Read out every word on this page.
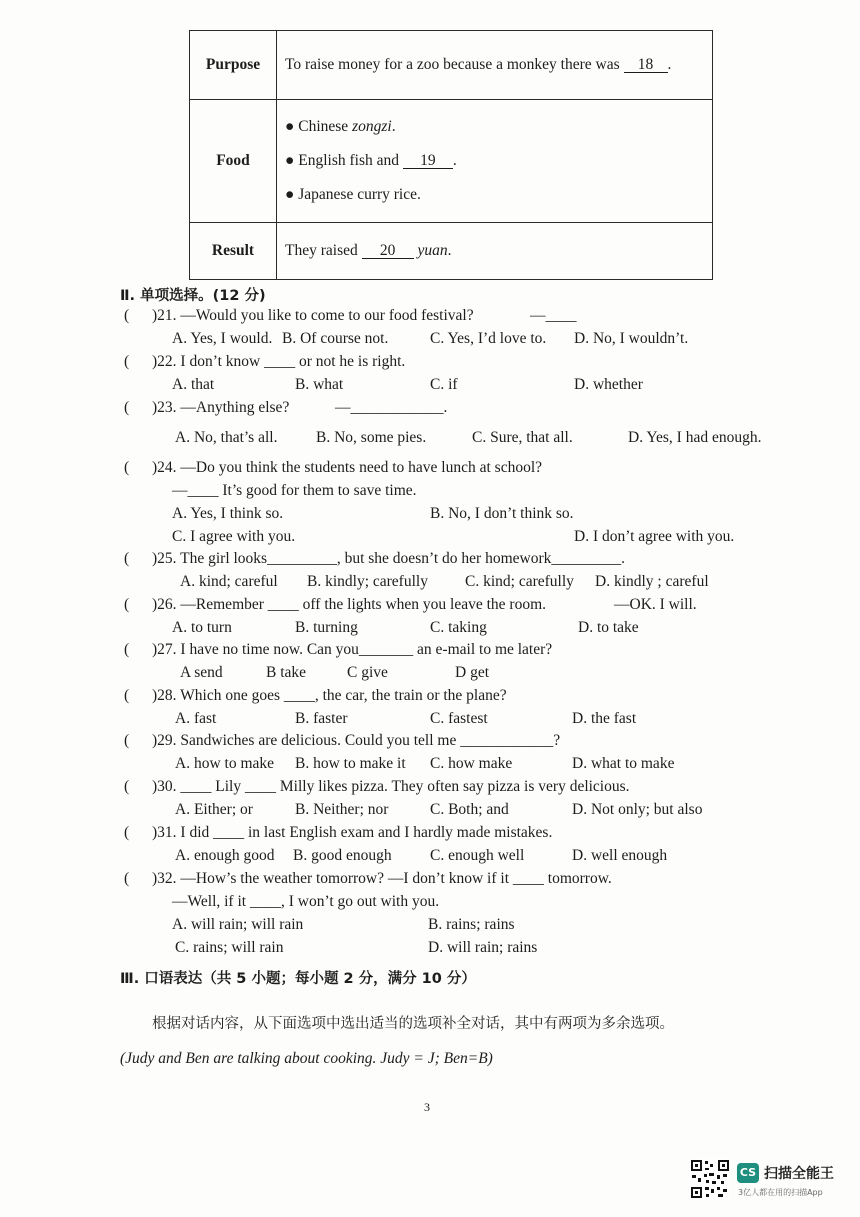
Purpose	To raise money for a zoo because a monkey there was 18 .
Food	● Chinese zongzi.
● English fish and 19 .
● Japanese curry rice.

Result	They raised 20 yuan.
Ⅱ. 单项选择。(12 分)
( )21. —Would you like to come to our food festival?	—____
A. Yes, I would. B. Of course not.	C. Yes, I’d love to. D. No, I wouldn’t.
( )22. I don’t know ____ or not he is right.
A. that	B. what	C. if	D. whether
( )23. —Anything else?	—____________.
A. No, that’s all. B. No, some pies.	C. Sure, that all.	D. Yes, I had enough.
( )24. —Do you think the students need to have lunch at school?
—____ It’s good for them to save time.
A. Yes, I think so.	B. No, I don’t think so.
C. I agree with you.	D. I don’t agree with you.
( )25. The girl looks_________, but she doesn’t do her homework_________.
A. kind; careful B. kindly; carefully C. kind; carefully D. kindly ; careful
( )26. —Remember ____ off the lights when you leave the room.	—OK. I will.
A. to turn	B. turning	C. taking	D. to take
( )27. I have no time now. Can you_______ an e-mail to me later?
A send	B take	C give	D get
( )28. Which one goes ____, the car, the train or the plane?
A. fast	B. faster	C. fastest	D. the fast
( )29. Sandwiches are delicious. Could you tell me ____________?
A. how to make B. how to make it C. how make	D. what to make
( )30. ____ Lily ____ Milly likes pizza. They often say pizza is very delicious.
A. Either; or	B. Neither; nor	C. Both; and	D. Not only; but also
( )31. I did ____ in last English exam and I hardly made mistakes.
A. enough good B. good enough C. enough well	D. well enough
( )32. —How’s the weather tomorrow? —I don’t know if it ____ tomorrow.
—Well, if it ____, I won’t go out with you.
A. will rain; will rain	B. rains; rains
C. rains; will rain	D. will rain; rains
Ⅲ. 口语表达（共 5 小题；每小题 2 分，满分 10 分）
根据对话内容，从下面选项中选出适当的选项补全对话，其中有两项为多余选项。
(Judy and Ben are talking about cooking. Judy = J; Ben=B)
3
CS 扫描全能王
3亿人都在用的扫描App
